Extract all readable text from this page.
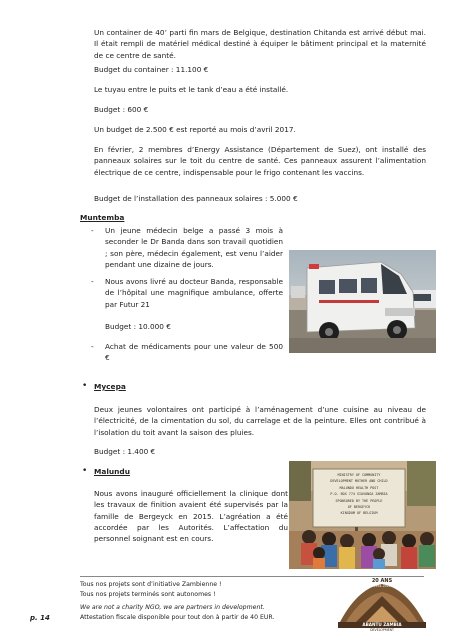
Un container de 40’ parti fin mars de Belgique, destination Chitanda est arrivé début mai. Il était rempli de matériel médical destiné à équiper le bâtiment principal et la maternité de ce centre de santé.
Budget du container : 11.100 €
Le tuyau entre le puits et le tank d’eau a été installé.
Budget : 600 €
Un budget de 2.500 € est reporté au mois d’avril 2017.
En février, 2 membres d’Energy Assistance (Département de Suez), ont installé des panneaux solaires sur le toit du centre de santé. Ces panneaux assurent l’alimentation électrique de ce centre, indispensable pour le frigo contenant les vaccins.
Budget de l’installation des panneaux solaires : 5.000 €
Muntemba
- Un jeune médecin belge a passé 3 mois à seconder le Dr Banda dans son travail quotidien ; son père, médecin également, est venu l’aider pendant une dizaine de jours.
- Nous avons livré au docteur Banda, responsable de l’hôpital une magnifique ambulance, offerte par Futur 21
Budget : 10.000 €
- Achat de médicaments pour une valeur de 500 €
• Mycepa
Deux jeunes volontaires ont participé à l’aménagement d’une cuisine au niveau de l’électricité, de la cimentation du sol, du carrelage et de la peinture. Elles ont contribué à l’isolation du toit avant la saison des pluies.
Budget : 1.400 €
• Malundu
Nous avons inauguré officiellement la clinique dont les travaux de finition avaient été supervisés par la famille de Bergeyck en 2015. L’agréation a été accordée par les Autorités. L’affectation du personnel soignant est en cours.
MINISTRY OF COMMUNITY
DEVELOPMENT MOTHER AND CHILD
MALUNDU HEALTH POST
P.O. BOX 774 SIAVONGA ZAMBIA
SPONSORED BY THE PEOPLE
OF BERGEYCK
KINGDOM OF BELGIUM
Tous nos projets sont d’initiative Zambienne !
Tous nos projets terminés sont autonomes !
We are not a charity NGO, we are partners in development.
Attestation fiscale disponible pour tout don à partir de 40 EUR.
p. 14
20 ANS
1994-2014
ABANTU ZAMBIA
DEVELOPMENT
